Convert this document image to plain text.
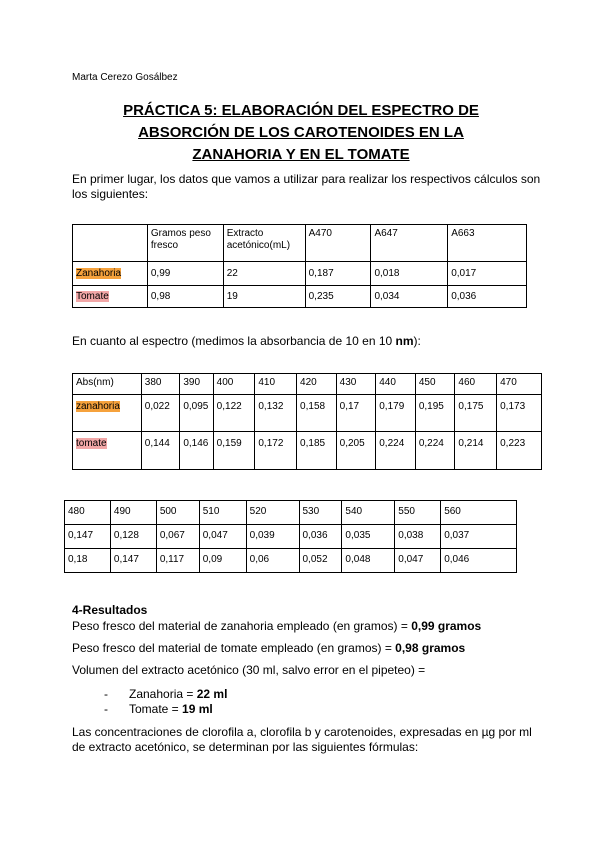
Marta Cerezo Gosálbez
PRÁCTICA 5: ELABORACIÓN DEL ESPECTRO DE
ABSORCIÓN DE LOS CAROTENOIDES EN LA
ZANAHORIA Y EN EL TOMATE
En primer lugar, los datos que vamos a utilizar para realizar los respectivos cálculos son los siguientes:
	Gramos peso fresco	Extracto acetónico(mL)	A470	A647	A663
Zanahoria	0,99	22	0,187	0,018	0,017
Tomate	0,98	19	0,235	0,034	0,036
En cuanto al espectro (medimos la absorbancia de 10 en 10 nm):
Abs(nm)	380	390	400	410	420	430	440	450	460	470
zanahoria	0,022	0,095	0,122	0,132	0,158	0,17	0,179	0,195	0,175	0,173
tomate	0,144	0,146	0,159	0,172	0,185	0,205	0,224	0,224	0,214	0,223
480	490	500	510	520	530	540	550	560
0,147	0,128	0,067	0,047	0,039	0,036	0,035	0,038	0,037
0,18	0,147	0,117	0,09	0,06	0,052	0,048	0,047	0,046
4-Resultados
Peso fresco del material de zanahoria empleado (en gramos) = 0,99 gramos
Peso fresco del material de tomate empleado (en gramos) = 0,98 gramos
Volumen del extracto acetónico (30 ml, salvo error en el pipeteo) =
- Zanahoria = 22 ml
- Tomate = 19 ml
Las concentraciones de clorofila a, clorofila b y carotenoides, expresadas en µg por ml de extracto acetónico, se determinan por las siguientes fórmulas:
